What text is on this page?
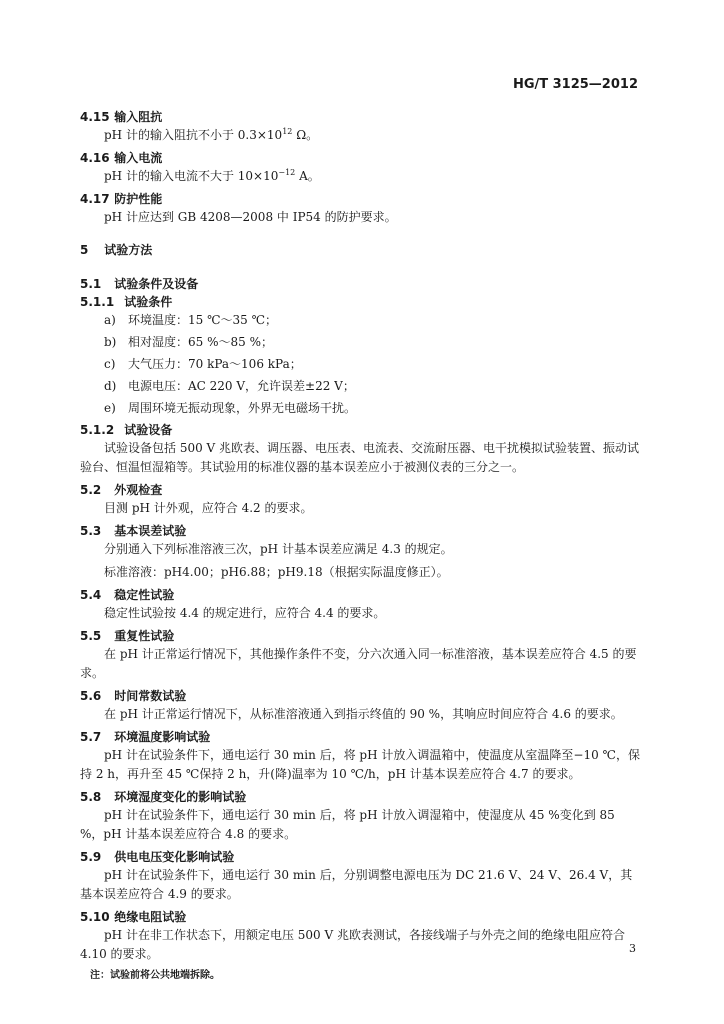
HG/T 3125—2012
4.15 输入阻抗
pH 计的输入阻抗不小于 $0.3\times 10^{12}$ Ω。
4.16 输入电流
pH 计的输入电流不大于 $10\times 10^{-12}$ A。
4.17 防护性能
pH 计应达到 GB 4208—2008 中 IP54 的防护要求。
5 试验方法
5.1 试验条件及设备
5.1.1 试验条件
a) 环境温度：15 ℃～35 ℃；
b) 相对湿度：65 %～85 %；
c) 大气压力：70 kPa～106 kPa；
d) 电源电压：AC 220 V，允许误差±22 V；
e) 周围环境无振动现象，外界无电磁场干扰。
5.1.2 试验设备
试验设备包括 500 V 兆欧表、调压器、电压表、电流表、交流耐压器、电干扰模拟试验装置、振动试验台、恒温恒湿箱等。其试验用的标准仪器的基本误差应小于被测仪表的三分之一。
5.2 外观检查
目测 pH 计外观，应符合 4.2 的要求。
5.3 基本误差试验
分别通入下列标准溶液三次，pH 计基本误差应满足 4.3 的规定。
标准溶液：pH4.00；pH6.88；pH9.18（根据实际温度修正）。
5.4 稳定性试验
稳定性试验按 4.4 的规定进行，应符合 4.4 的要求。
5.5 重复性试验
在 pH 计正常运行情况下，其他操作条件不变，分六次通入同一标准溶液，基本误差应符合 4.5 的要求。
5.6 时间常数试验
在 pH 计正常运行情况下，从标准溶液通入到指示终值的 90 %，其响应时间应符合 4.6 的要求。
5.7 环境温度影响试验
pH 计在试验条件下，通电运行 30 min 后，将 pH 计放入调温箱中，使温度从室温降至−10 ℃，保持 2 h，再升至 45 ℃保持 2 h，升(降)温率为 10 ℃/h，pH 计基本误差应符合 4.7 的要求。
5.8 环境湿度变化的影响试验
pH 计在试验条件下，通电运行 30 min 后，将 pH 计放入调湿箱中，使湿度从 45 %变化到 85 %，pH 计基本误差应符合 4.8 的要求。
5.9 供电电压变化影响试验
pH 计在试验条件下，通电运行 30 min 后，分别调整电源电压为 DC 21.6 V、24 V、26.4 V，其基本误差应符合 4.9 的要求。
5.10 绝缘电阻试验
pH 计在非工作状态下，用额定电压 500 V 兆欧表测试，各接线端子与外壳之间的绝缘电阻应符合 4.10 的要求。
注：试验前将公共地端拆除。
3
